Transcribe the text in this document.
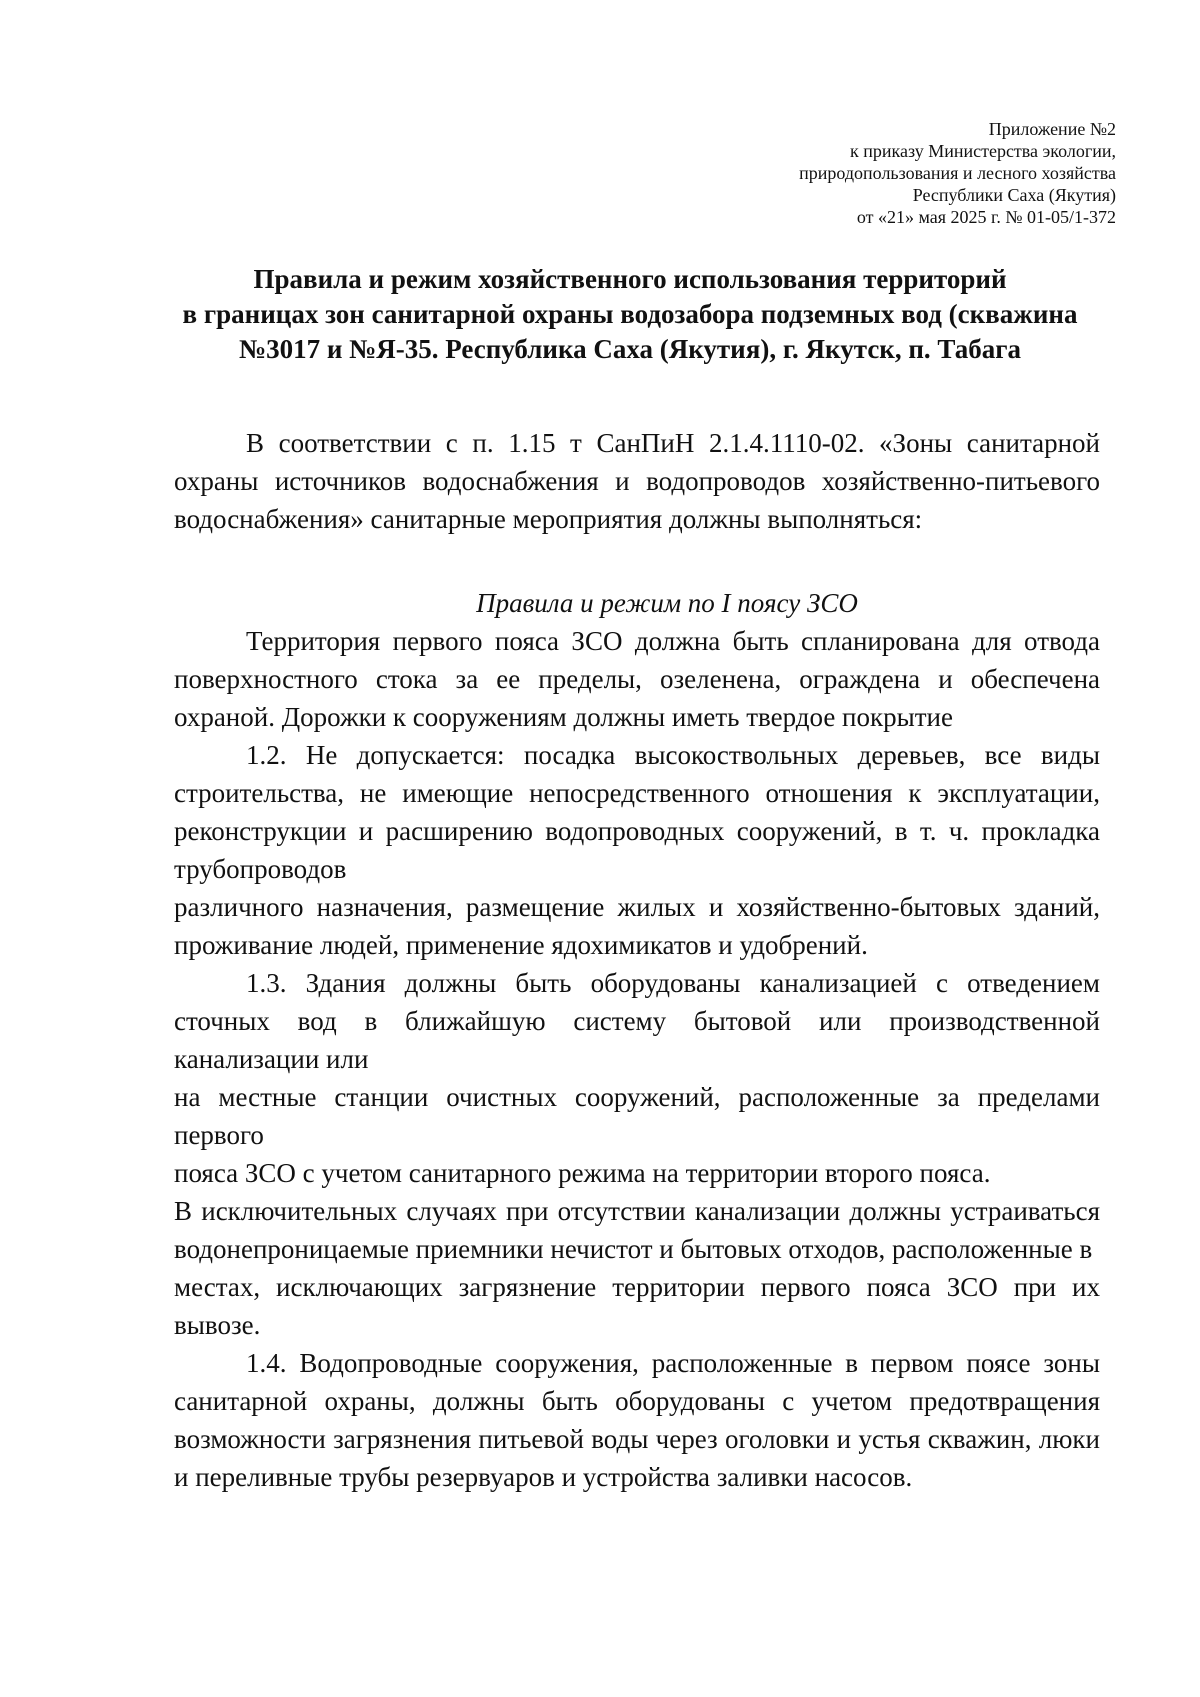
Приложение №2
к приказу Министерства экологии,
природопользования и лесного хозяйства
Республики Саха (Якутия)
от «21» мая 2025 г. № 01-05/1-372
Правила и режим хозяйственного использования территорий
в границах зон санитарной охраны водозабора подземных вод (скважина
№3017 и №Я-35. Республика Саха (Якутия), г. Якутск, п. Табага

В соответствии с п. 1.15 т СанПиН 2.1.4.1110-02. «Зоны санитарной охраны источников водоснабжения и водопроводов хозяйственно-питьевого водоснабжения» санитарные мероприятия должны выполняться:

Правила и режим по I поясу ЗСО

Территория первого пояса ЗСО должна быть спланирована для отвода поверхностного стока за ее пределы, озеленена, ограждена и обеспечена охраной. Дорожки к сооружениям должны иметь твердое покрытие

1.2. Не допускается: посадка высокоствольных деревьев, все виды строительства, не имеющие непосредственного отношения к эксплуатации, реконструкции и расширению водопроводных сооружений, в т. ч. прокладка трубопроводов

различного назначения, размещение жилых и хозяйственно-бытовых зданий, проживание людей, применение ядохимикатов и удобрений.

1.3. Здания должны быть оборудованы канализацией с отведением сточных вод в ближайшую систему бытовой или производственной канализации или

на местные станции очистных сооружений, расположенные за пределами первого

пояса ЗСО с учетом санитарного режима на территории второго пояса.

В исключительных случаях при отсутствии канализации должны устраиваться водонепроницаемые приемники нечистот и бытовых отходов, расположенные в

местах, исключающих загрязнение территории первого пояса ЗСО при их вывозе.

1.4. Водопроводные сооружения, расположенные в первом поясе зоны санитарной охраны, должны быть оборудованы с учетом предотвращения возможности загрязнения питьевой воды через оголовки и устья скважин, люки и переливные трубы резервуаров и устройства заливки насосов.
